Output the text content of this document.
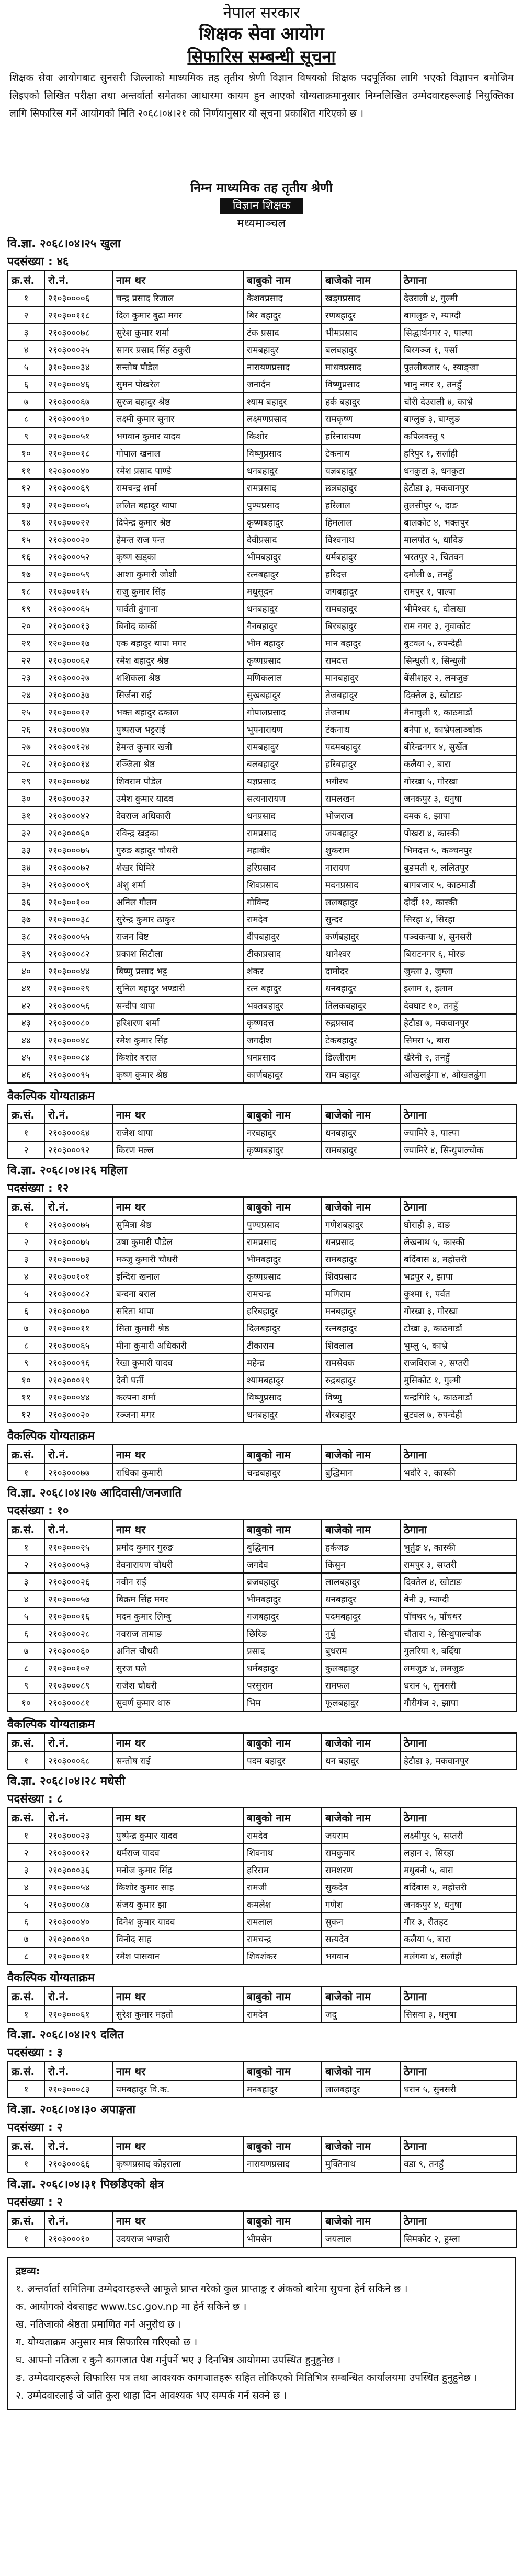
नेपाल सरकार
शिक्षक सेवा आयोग
सिफारिस सम्बन्धी सूचना
शिक्षक सेवा आयोगबाट सुनसरी जिल्लाको माध्यमिक तह तृतीय श्रेणी विज्ञान विषयको शिक्षक पदपूर्तिका लागि भएको विज्ञापन बमोजिम लिइएको लिखित परीक्षा तथा अन्तर्वार्ता समेतका आधारमा कायम हुन आएको योग्यताक्रमानुसार निम्नलिखित उम्मेदवारहरूलाई नियुक्तिका लागि सिफारिस गर्ने आयोगको मिति २०६८।०४।२१ को निर्णयानुसार यो सूचना प्रकाशित गरिएको छ ।
निम्न माध्यमिक तह तृतीय श्रेणी
विज्ञान शिक्षक
मध्यमाञ्चल
वि.ज्ञा. २०६८।०४।२५ खुला
पदसंख्या : ४६
क्र.सं.	रो.नं.	नाम थर	बाबुको नाम	बाजेको नाम	ठेगाना
१	२१०३००००६	चन्द्र प्रसाद रिजाल	केशवप्रसाद	खड्गप्रसाद	देउराली ४, गुल्मी
२	२१०३००११८	दिल कुमार बुढा मगर	बिर बहादुर	रणबहादुर	बागलुङ २, म्याग्दी
३	२१०३०००७८	सुरेश कुमार शर्मा	टंक प्रसाद	भीमप्रसाद	सिद्धार्थनगर २, पाल्पा
४	२१०३०००२५	सागर प्रसाद सिंह ठकुरी	रामबहादुर	बलबहादुर	बिरगञ्ज १, पर्सा
५	३१०३०००३४	सन्तोष पौडेल	नारायणप्रसाद	माधवप्रसाद	पुतलीबजार ५, स्याङ्जा
६	२१०३०००४६	सुमन पोखरेल	जनार्दन	विष्णुप्रसाद	भानु नगर १, तनहुँ
७	२१०३०००६७	सुरज बहादुर श्रेष्ठ	श्याम बहादुर	हर्क बहादुर	चौरी देउराली ४, काभ्रे
८	२१०३०००९०	लक्ष्मी कुमार सुनार	लक्ष्मणप्रसाद	रामकृष्ण	बाग्लुङ ३, बाग्लुङ
९	२१०३०००५१	भगवान कुमार यादव	किशोर	हरिनारायण	कपिलवस्तु ९
१०	२१०३०००१८	गोपाल खनाल	विष्णुप्रसाद	टेकनाथ	हरिपुर १, सर्लाही
११	१२०३०००४०	रमेश प्रसाद पाण्डे	धनबहादुर	यज्ञबहादुर	धनकुटा ३, धनकुटा
१२	२१०३०००६९	रामचन्द्र शर्मा	रामप्रसाद	छत्रबहादुर	हेटौडा ३, मकवानपुर
१३	२१०३००००५	ललित बहादुर थापा	पुण्यप्रसाद	हरिलाल	तुलसीपुर ५, दाङ
१४	२१०३०००२२	दिपेन्द्र कुमार श्रेष्ठ	कृष्णबहादुर	हिमलाल	बालकोट ४, भक्तपुर
१५	२१०३०००२०	हेमन्त राज पन्त	देवीप्रसाद	विश्वनाथ	मालपोत ५, धादिङ
१६	२१०३०००५२	कृष्ण खड्का	भीमबहादुर	धर्मबहादुर	भरतपुर २, चितवन
१७	२१०३०००५९	आशा कुमारी जोशी	रत्नबहादुर	हरिदत्त	दमौली ७, तनहुँ
१८	२१०३००११५	राजु कुमार सिंह	मधुसूदन	जगबहादुर	रामपुर १, पाल्पा
१९	२१०३०००६५	पार्वती ढुंगाना	धनबहादुर	रामबहादुर	भीमेश्वर ६, दोलखा
२०	२१०३०००१३	बिनोद कार्की	नैनबहादुर	बिरबहादुर	राम नगर ३, नुवाकोट
२१	१२०३०००१७	एक बहादुर थापा मगर	भीम बहादुर	मान बहादुर	बुटवल ५, रुपन्देही
२२	२१०३०००६२	रमेश बहादुर श्रेष्ठ	कृष्णप्रसाद	रामदत्त	सिन्धुली १, सिन्धुली
२३	२१०३०००२७	शशिकला श्रेष्ठ	मणिकलाल	मानबहादुर	बेंसीशहर २, लमजुङ
२४	२१०३०००३७	सिर्जना राई	सुखबहादुर	तेजबहादुर	दिक्तेल ३, खोटाङ
२५	२१०३०००१२	भक्त बहादुर ढकाल	गोपालप्रसाद	तेजनाथ	मैनाचुली १, काठमाडौं
२६	२१०३०००४७	पुष्पराज भट्टराई	भूपनारायण	टंकनाथ	बनेपा ४, काभ्रेपलाञ्चोक
२७	२१०३००१२४	हेमन्त कुमार खत्री	रामबहादुर	पदमबहादुर	बीरेन्द्रनगर ४, सुर्खेत
२८	२१०३०००१४	रञ्जिता श्रेष्ठ	बलबहादुर	हरिबहादुर	कलैया २, बारा
२९	२१०३०००७४	शिवराम पौडेल	यज्ञप्रसाद	भगीरथ	गोरखा ५, गोरखा
३०	२१०३०००३२	उमेश कुमार यादव	सत्यनारायण	रामलखन	जनकपुर ३, धनुषा
३१	२१०३०००४२	देवराज अधिकारी	धनप्रसाद	भोजराज	दमक ६, झापा
३२	२१०३०००६०	रविन्द्र खड्का	रामप्रसाद	जयबहादुर	पोखरा ४, कास्की
३३	२१०३०००७५	गुरुङ बहादुर चौधरी	महाबीर	शुकराम	भिमदत्त ५, कञ्चनपुर
३४	२१०३०००७२	शेखर घिमिरे	हरिप्रसाद	नारायण	बुङमती १, ललितपुर
३५	२१०३००००९	अंशु शर्मा	शिवप्रसाद	मदनप्रसाद	बागबजार ५, काठमाडौं
३६	२१०३००१००	अनिल गौतम	गोविन्द	ललबहादुर	दोर्दी १२, कास्की
३७	२१०३०००३८	सुरेन्द्र कुमार ठाकुर	रामदेव	सुन्दर	सिरहा ४, सिरहा
३८	२१०३०००५५	राजन विष्ट	दीपबहादुर	कर्णबहादुर	पञ्चकन्या ४, सुनसरी
३९	२१०३०००८२	प्रकाश सिटौला	टीकाप्रसाद	थानेश्वर	बिराटनगर ६, मोरङ
४०	२१०३०००४४	बिष्णु प्रसाद भट्ट	शंकर	दामोदर	जुम्ला ३, जुम्ला
४१	२१०३०००२९	सुनिल बहादुर भण्डारी	रत्न बहादुर	धनबहादुर	इलाम १, इलाम
४२	२१०३०००५६	सन्दीप थापा	भक्तबहादुर	तिलकबहादुर	देवघाट १०, तनहुँ
४३	२१०३०००८०	हरिशरण शर्मा	कृष्णदत्त	रुद्रप्रसाद	हेटौडा ७, मकवानपुर
४४	२१०३०००४८	रमेश कुमार सिंह	जगदीश	टेकबहादुर	सिमरा ५, बारा
४५	२१०३०००८४	किशोर बराल	धनप्रसाद	डिल्लीराम	खैरेनी २, तनहुँ
४६	२१०३०००९५	कृष्ण कुमार श्रेष्ठ	कार्णबहादुर	राम बहादुर	ओखलढुंगा ४, ओखलढुंगा
वैकल्पिक योग्यताक्रम
क्र.सं.	रो.नं.	नाम थर	बाबुको नाम	बाजेको नाम	ठेगाना
१	२१०३०००६४	राजेश थापा	नरबहादुर	धनबहादुर	ज्यामिरे ३, पाल्पा
२	२१०३०००९२	किरण मल्ल	कृष्णबहादुर	रामबहादुर	ज्यामिरे ४, सिन्धुपाल्चोक
वि.ज्ञा. २०६८।०४।२६ महिला
पदसंख्या : १२
क्र.सं.	रो.नं.	नाम थर	बाबुको नाम	बाजेको नाम	ठेगाना
१	२१०३०००७५	सुमित्रा श्रेष्ठ	पुण्यप्रसाद	गणेशबहादुर	घोराही ३, दाङ
२	२१०३०००७५	उषा कुमारी पौडेल	रामप्रसाद	धनप्रसाद	लेखनाथ ५, कास्की
३	२१०३०००७३	मञ्जु कुमारी चौधरी	भीमबहादुर	रामबहादुर	बर्दिबास ४, महोत्तरी
४	२१०३००१०१	इन्दिरा खनाल	कृष्णप्रसाद	शिवप्रसाद	भद्रपुर २, झापा
५	२१०३०००८२	बन्दना बराल	रामचन्द्र	मणिराम	कुश्मा १, पर्वत
६	२१०३०००७०	सरिता थापा	हरिबहादुर	मनबहादुर	गोरखा ३, गोरखा
७	२१०३०००११	सिता कुमारी श्रेष्ठ	दिलबहादुर	रत्नबहादुर	टोखा ३, काठमाडौं
८	२१०३०००६५	मीना कुमारी अधिकारी	टीकाराम	शिवलाल	भुम्लु ५, काभ्रे
९	२१०३०००९६	रेखा कुमारी यादव	महेन्द्र	रामसेवक	राजविराज २, सप्तरी
१०	२१०३०००१९	देवी घर्ती	श्यामबहादुर	रुद्रबहादुर	मुसिकोट १, गुल्मी
११	२१०३०००४४	कल्पना शर्मा	विष्णुप्रसाद	विष्णु	चन्द्रगिरि ५, काठमाडौं
१२	२१०३०००२०	रञ्जना मगर	धनबहादुर	शेरबहादुर	बुटवल ७, रुपन्देही
वैकल्पिक योग्यताक्रम
क्र.सं.	रो.नं.	नाम थर	बाबुको नाम	बाजेको नाम	ठेगाना
१	२१०३०००७७	राधिका कुमारी	चन्द्रबहादुर	बुद्धिमान	भदौरे २, कास्की
वि.ज्ञा. २०६८।०४।२७ आदिवासी/जनजाति
पदसंख्या : १०
क्र.सं.	रो.नं.	नाम थर	बाबुको नाम	बाजेको नाम	ठेगाना
१	२१०३०००२५	प्रमोद कुमार गुरुङ	बुद्धिमान	हर्कजङ	भुर्तुङ ४, कास्की
२	२१०३०००५३	देवनारायण चौधरी	जगदेव	किसुन	रामपुर ३, सप्तरी
३	२१०३०००२६	नवीन राई	ब्रजबहादुर	लालबहादुर	दिक्तेल ४, खोटाङ
४	२१०३०००५७	बिक्रम सिंह मगर	भीमबहादुर	धनबहादुर	बेनी ३, म्याग्दी
५	२१०३०००१६	मदन कुमार लिम्बु	गजबहादुर	पदमबहादुर	पाँचथर ५, पाँचथर
६	२१०३०००२८	नवराज तामाङ	छिरिङ	नुर्बु	चौतारा २, सिन्धुपाल्चोक
७	२१०३०००६०	अनिल चौधरी	प्रसाद	बुधराम	गुलरिया १, बर्दिया
८	२१०३००१०२	सुरज घले	धर्मबहादुर	कुलबहादुर	लमजुङ ४, लमजुङ
९	२१०३०००८९	राजेश चौधरी	परसुराम	रामफल	धरान ५, सुनसरी
१०	२१०३०००८१	सुवर्ण कुमार थारु	भिम	फूलबहादुर	गौरीगंज २, झापा
वैकल्पिक योग्यताक्रम
क्र.सं.	रो.नं.	नाम थर	बाबुको नाम	बाजेको नाम	ठेगाना
१	२१०३०००६८	सन्तोष राई	पदम बहादुर	धन बहादुर	हेटौडा ३, मकवानपुर
वि.ज्ञा. २०६८।०४।२८ मधेसी
पदसंख्या : ८
क्र.सं.	रो.नं.	नाम थर	बाबुको नाम	बाजेको नाम	ठेगाना
१	२१०३०००२३	पुष्पेन्द्र कुमार यादव	रामदेव	जयराम	लक्ष्मीपुर ५, सप्तरी
२	२१०३०००१२	धर्मराज यादव	शिवनाथ	रामकुमार	लहान २, सिरहा
३	२१०३०००३६	मनोज कुमार सिंह	हरिराम	रामशरण	मधुबनी ५, बारा
४	२१०३०००५४	किशोर कुमार साह	रामजी	सुकदेव	बर्दिबास २, महोत्तरी
५	२१०३०००८७	संजय कुमार झा	कमलेश	गणेश	जनकपुर ४, धनुषा
६	२१०३०००४०	दिनेश कुमार यादव	रामलाल	सुकन	गौर ३, रौतहट
७	२१०३०००९०	विनोद साह	रामचन्द्र	सत्यदेव	कलैया ५, बारा
८	२१०३०००११	रमेश पासवान	शिवशंकर	भगवान	मलंगवा ४, सर्लाही
वैकल्पिक योग्यताक्रम
क्र.सं.	रो.नं.	नाम थर	बाबुको नाम	बाजेको नाम	ठेगाना
१	२१०३०००६१	सुरेश कुमार महतो	रामदेव	जदु	सिसवा ३, धनुषा
वि.ज्ञा. २०६८।०४।२९ दलित
पदसंख्या : ३
क्र.सं.	रो.नं.	नाम थर	बाबुको नाम	बाजेको नाम	ठेगाना
१	२१०३०००८३	यमबहादुर वि.क.	मनबहादुर	लालबहादुर	धरान ५, सुनसरी
वि.ज्ञा. २०६८।०४।३० अपाङ्गता
पदसंख्या : २
क्र.सं.	रो.नं.	नाम थर	बाबुको नाम	बाजेको नाम	ठेगाना
१	२१०३०००६६	कृष्णप्रसाद कोइराला	नारायणप्रसाद	मुक्तिनाथ	वडा ९, तनहुँ
वि.ज्ञा. २०६८।०४।३१ पिछडिएको क्षेत्र
पदसंख्या : २
क्र.सं.	रो.नं.	नाम थर	बाबुको नाम	बाजेको नाम	ठेगाना
१	२१०३०००१०	उदयराज भण्डारी	भीमसेन	जयलाल	सिमकोट २, हुम्ला
द्रष्टव्य:
१. अन्तर्वार्ता समितिमा उम्मेदवारहरूले आफूले प्राप्त गरेको कुल प्राप्ताङ्क र अंकको बारेमा सुचना हेर्न सकिने छ ।
क. आयोगको वेबसाइट www.tsc.gov.np मा हेर्न सकिने छ ।
ख. नतिजाको श्रेष्ठता प्रमाणित गर्न अनुरोध छ ।
ग. योग्यताक्रम अनुसार मात्र सिफारिस गरिएको छ ।
घ. आफ्नो नतिजा र कुनै कागजात पेश गर्नुपर्ने भए ३ दिनभित्र आयोगमा उपस्थित हुनुहुनेछ ।
ङ. उम्मेदवारहरूले सिफारिस पत्र तथा आवश्यक कागजातहरू सहित तोकिएको मितिभित्र सम्बन्धित कार्यालयमा उपस्थित हुनुहुनेछ ।
२. उम्मेदवारलाई जे जति कुरा थाहा दिन आवश्यक भए सम्पर्क गर्न सक्ने छ ।
